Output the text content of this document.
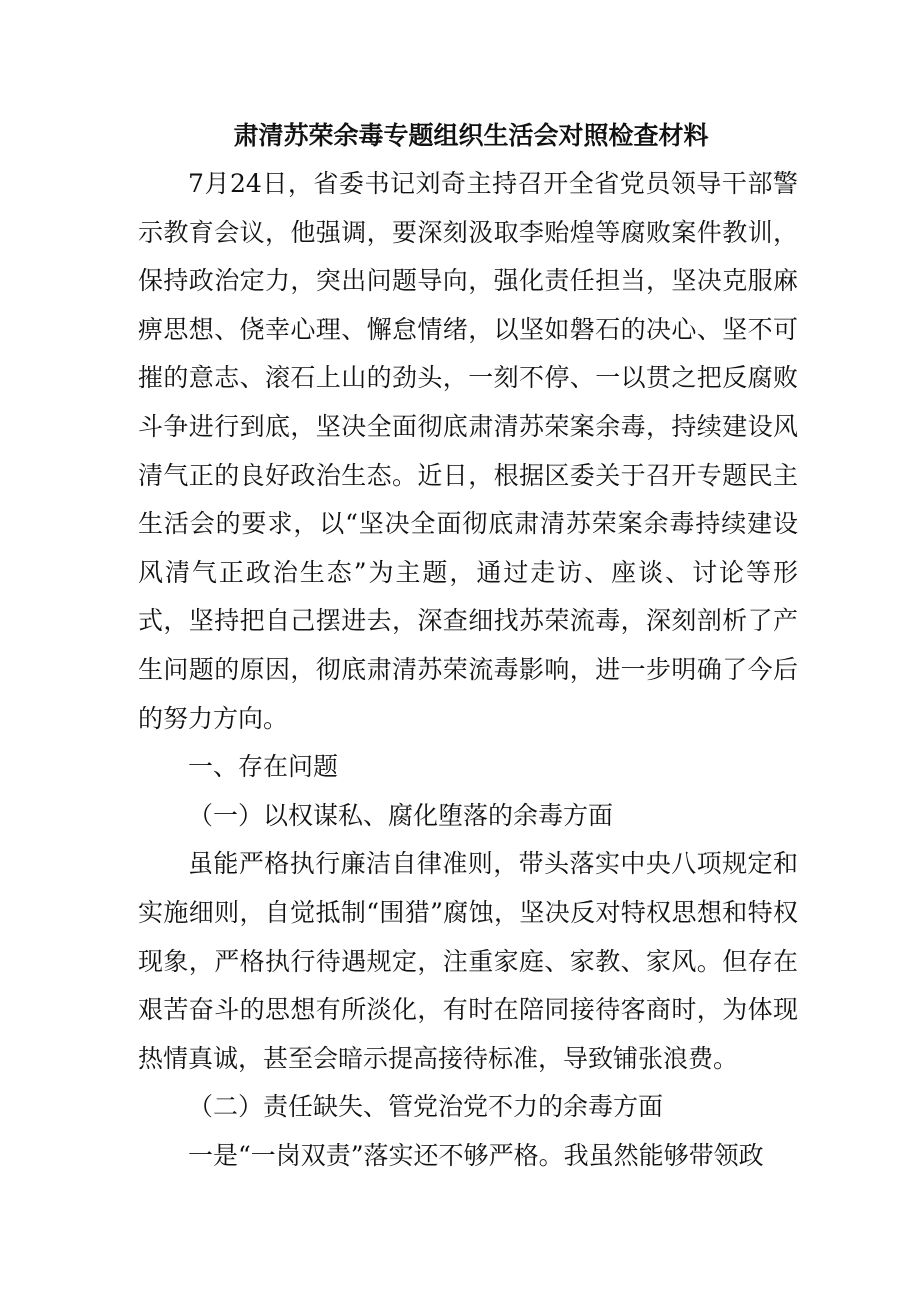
肃清苏荣余毒专题组织生活会对照检查材料

7月24日，省委书记刘奇主持召开全省党员领导干部警示教育会议，他强调，要深刻汲取李贻煌等腐败案件教训，保持政治定力，突出问题导向，强化责任担当，坚决克服麻痹思想、侥幸心理、懈怠情绪，以坚如磐石的决心、坚不可摧的意志、滚石上山的劲头，一刻不停、一以贯之把反腐败斗争进行到底，坚决全面彻底肃清苏荣案余毒，持续建设风清气正的良好政治生态。近日，根据区委关于召开专题民主生活会的要求，以“坚决全面彻底肃清苏荣案余毒持续建设风清气正政治生态”为主题，通过走访、座谈、讨论等形式，坚持把自己摆进去，深查细找苏荣流毒，深刻剖析了产生问题的原因，彻底肃清苏荣流毒影响，进一步明确了今后的努力方向。

一、存在问题

（一）以权谋私、腐化堕落的余毒方面

虽能严格执行廉洁自律准则，带头落实中央八项规定和实施细则，自觉抵制“围猎”腐蚀，坚决反对特权思想和特权现象，严格执行待遇规定，注重家庭、家教、家风。但存在艰苦奋斗的思想有所淡化，有时在陪同接待客商时，为体现热情真诚，甚至会暗示提高接待标准，导致铺张浪费。

（二）责任缺失、管党治党不力的余毒方面

一是“一岗双责”落实还不够严格。我虽然能够带领政
